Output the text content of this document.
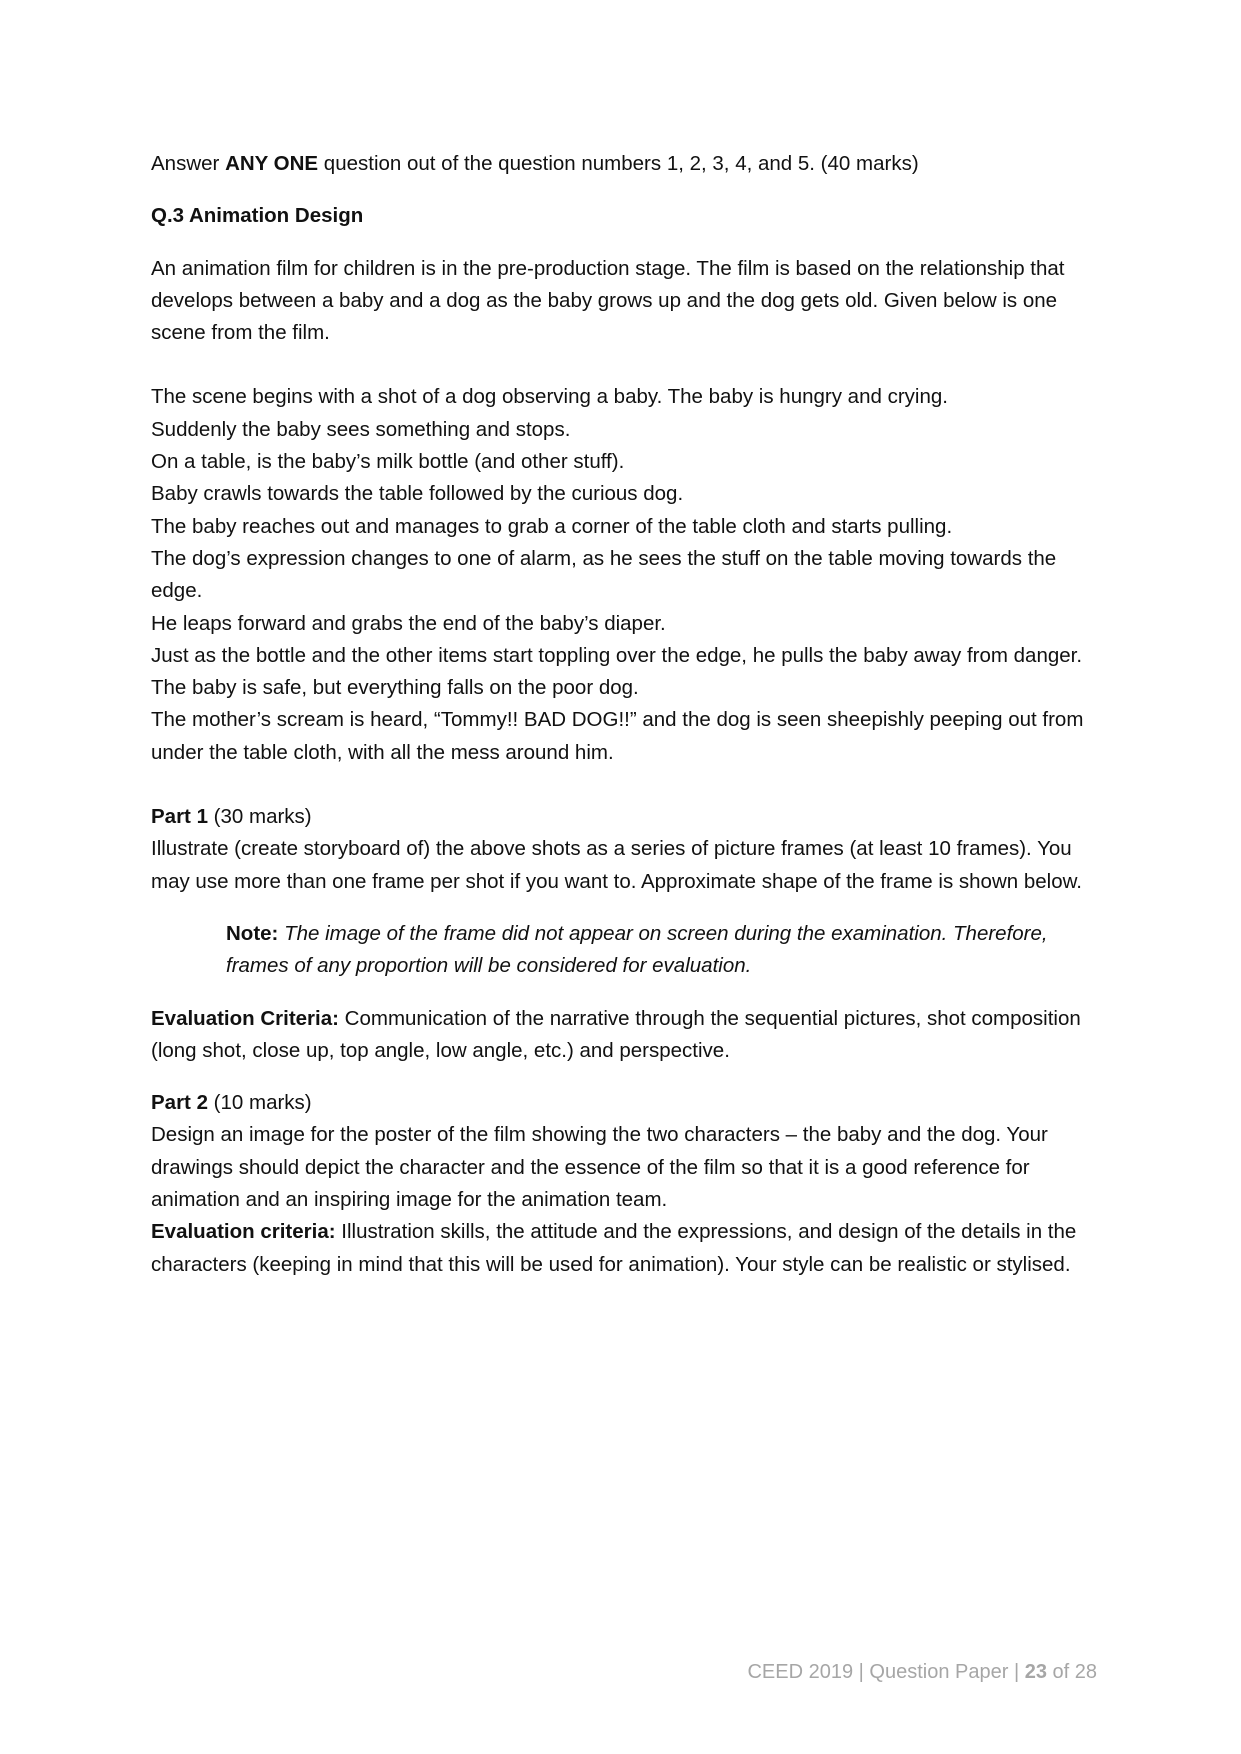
Answer ANY ONE question out of the question numbers 1, 2, 3, 4, and 5. (40 marks)

Q.3 Animation Design

An animation film for children is in the pre-production stage. The film is based on the relationship that develops between a baby and a dog as the baby grows up and the dog gets old. Given below is one scene from the film.

The scene begins with a shot of a dog observing a baby. The baby is hungry and crying.

Suddenly the baby sees something and stops.

On a table, is the baby’s milk bottle (and other stuff).

Baby crawls towards the table followed by the curious dog.

The baby reaches out and manages to grab a corner of the table cloth and starts pulling.

The dog’s expression changes to one of alarm, as he sees the stuff on the table moving towards the edge.

He leaps forward and grabs the end of the baby’s diaper.

Just as the bottle and the other items start toppling over the edge, he pulls the baby away from danger.

The baby is safe, but everything falls on the poor dog.

The mother’s scream is heard, “Tommy!! BAD DOG!!” and the dog is seen sheepishly peeping out from under the table cloth, with all the mess around him.

Part 1 (30 marks)

Illustrate (create storyboard of) the above shots as a series of picture frames (at least 10 frames). You may use more than one frame per shot if you want to. Approximate shape of the frame is shown below.

Note: The image of the frame did not appear on screen during the examination. Therefore, frames of any proportion will be considered for evaluation.

Evaluation Criteria: Communication of the narrative through the sequential pictures, shot composition (long shot, close up, top angle, low angle, etc.) and perspective.

Part 2 (10 marks)

Design an image for the poster of the film showing the two characters – the baby and the dog. Your drawings should depict the character and the essence of the film so that it is a good reference for animation and an inspiring image for the animation team.

Evaluation criteria: Illustration skills, the attitude and the expressions, and design of the details in the characters (keeping in mind that this will be used for animation). Your style can be realistic or stylised.

CEED 2019 | Question Paper | 23 of 28
